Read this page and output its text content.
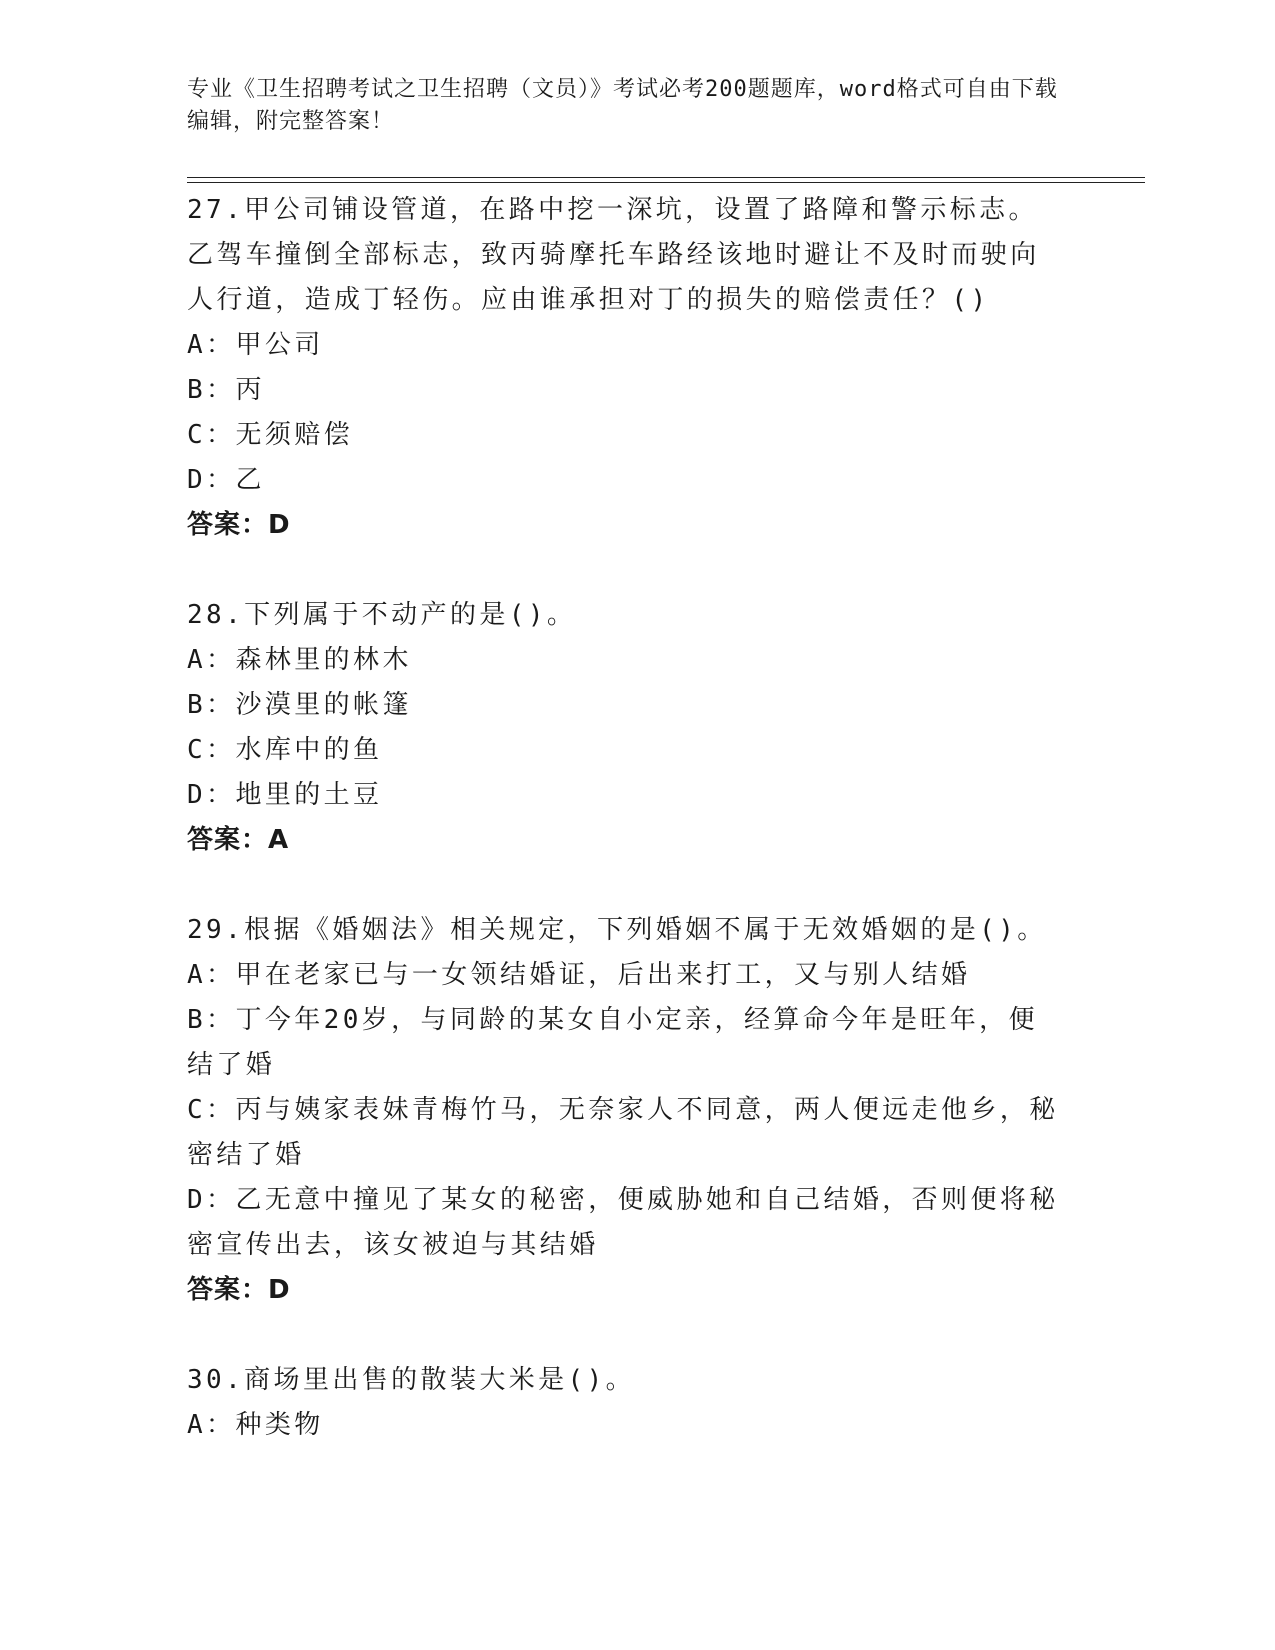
专业《卫生招聘考试之卫生招聘（文员）》考试必考200题题库，word格式可自由下载编辑，附完整答案！
27.甲公司铺设管道，在路中挖一深坑，设置了路障和警示标志。乙驾车撞倒全部标志，致丙骑摩托车路经该地时避让不及时而驶向人行道，造成丁轻伤。应由谁承担对丁的损失的赔偿责任？()
A：甲公司
B：丙
C：无须赔偿
D：乙
答案：D
28.下列属于不动产的是()。
A：森林里的林木
B：沙漠里的帐篷
C：水库中的鱼
D：地里的土豆
答案：A
29.根据《婚姻法》相关规定，下列婚姻不属于无效婚姻的是()。
A：甲在老家已与一女领结婚证，后出来打工，又与别人结婚
B：丁今年20岁，与同龄的某女自小定亲，经算命今年是旺年，便结了婚
C：丙与姨家表妹青梅竹马，无奈家人不同意，两人便远走他乡，秘密结了婚
D：乙无意中撞见了某女的秘密，便威胁她和自己结婚，否则便将秘密宣传出去，该女被迫与其结婚
答案：D
30.商场里出售的散装大米是()。
A：种类物
